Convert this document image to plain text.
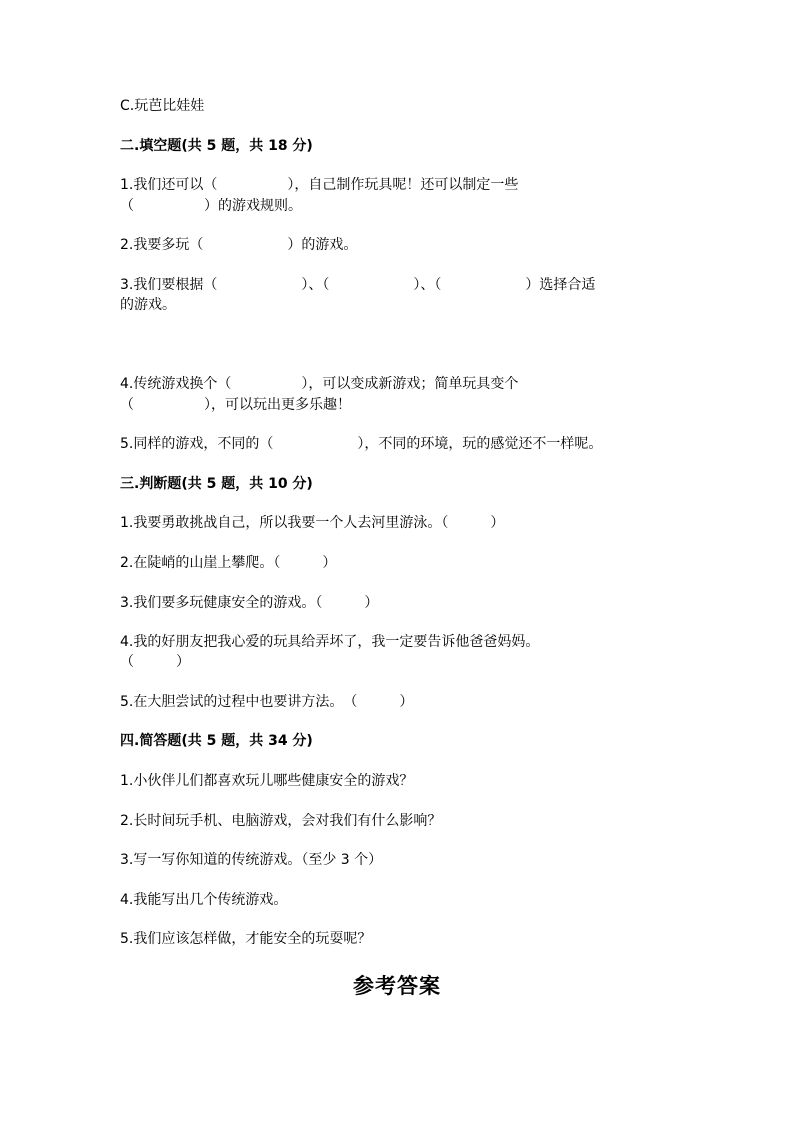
C.玩芭比娃娃
二.填空题(共 5 题，共 18 分)
1.我们还可以（　　　　　），自己制作玩具呢！还可以制定一些
（　　　　　）的游戏规则。
2.我要多玩（　　　　　　）的游戏。
3.我们要根据（　　　　　　）、（　　　　　　）、（　　　　　　）选择合适
的游戏。
4.传统游戏换个（　　　　　），可以变成新游戏；简单玩具变个
（　　　　　），可以玩出更多乐趣！
5.同样的游戏，不同的（　　　　　　），不同的环境，玩的感觉还不一样呢。
三.判断题(共 5 题，共 10 分)
1.我要勇敢挑战自己，所以我要一个人去河里游泳。（　　　）
2.在陡峭的山崖上攀爬。（　　　）
3.我们要多玩健康安全的游戏。（　　　）
4.我的好朋友把我心爱的玩具给弄坏了，我一定要告诉他爸爸妈妈。
（　　　）
5.在大胆尝试的过程中也要讲方法。　（　　　）
四.简答题(共 5 题，共 34 分)
1.小伙伴儿们都喜欢玩儿哪些健康安全的游戏？
2.长时间玩手机、电脑游戏，会对我们有什么影响？
3.写一写你知道的传统游戏。（至少 3 个）
4.我能写出几个传统游戏。
5.我们应该怎样做，才能安全的玩耍呢？
参考答案
